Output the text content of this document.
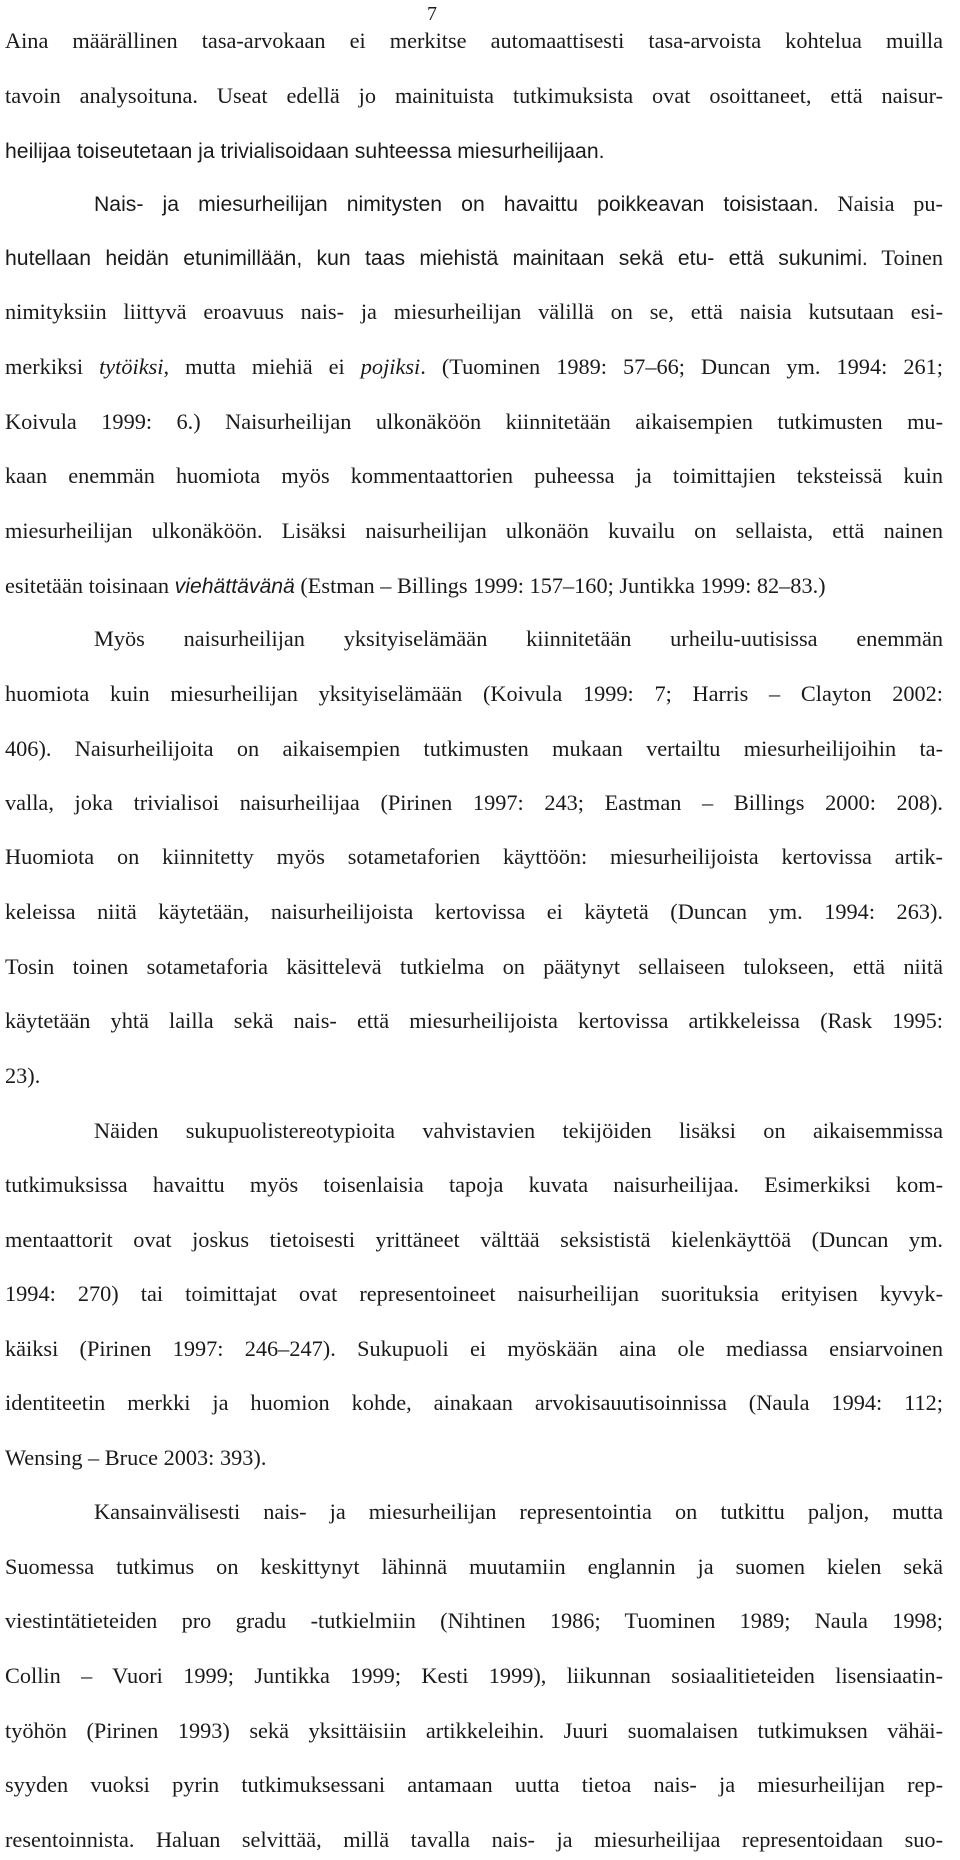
7
Aina määrällinen tasa-arvokaan ei merkitse automaattisesti tasa-arvoista kohtelua muilla
tavoin analysoituna. Useat edellä jo mainituista tutkimuksista ovat osoittaneet, että naisur-
heilijaa toiseutetaan ja trivialisoidaan suhteessa miesurheilijaan.
Nais- ja miesurheilijan nimitysten on havaittu poikkeavan toisistaan. Naisia pu-
hutellaan heidän etunimillään, kun taas miehistä mainitaan sekä etu- että sukunimi. Toinen
nimityksiin liittyvä eroavuus nais- ja miesurheilijan välillä on se, että naisia kutsutaan esi-
merkiksi tytöiksi, mutta miehiä ei pojiksi. (Tuominen 1989: 57–66; Duncan ym. 1994: 261;
Koivula 1999: 6.) Naisurheilijan ulkonäköön kiinnitetään aikaisempien tutkimusten mu-
kaan enemmän huomiota myös kommentaattorien puheessa ja toimittajien teksteissä kuin
miesurheilijan ulkonäköön. Lisäksi naisurheilijan ulkonäön kuvailu on sellaista, että nainen
esitetään toisinaan viehättävänä (Estman – Billings 1999: 157–160; Juntikka 1999: 82–83.)
Myös naisurheilijan yksityiselämään kiinnitetään urheilu-uutisissa enemmän
huomiota kuin miesurheilijan yksityiselämään (Koivula 1999: 7; Harris – Clayton 2002:
406). Naisurheilijoita on aikaisempien tutkimusten mukaan vertailtu miesurheilijoihin ta-
valla, joka trivialisoi naisurheilijaa (Pirinen 1997: 243; Eastman – Billings 2000: 208).
Huomiota on kiinnitetty myös sotametaforien käyttöön: miesurheilijoista kertovissa artik-
keleissa niitä käytetään, naisurheilijoista kertovissa ei käytetä (Duncan ym. 1994: 263).
Tosin toinen sotametaforia käsittelevä tutkielma on päätynyt sellaiseen tulokseen, että niitä
käytetään yhtä lailla sekä nais- että miesurheilijoista kertovissa artikkeleissa (Rask 1995:
23).
Näiden sukupuolistereotypioita vahvistavien tekijöiden lisäksi on aikaisemmissa
tutkimuksissa havaittu myös toisenlaisia tapoja kuvata naisurheilijaa. Esimerkiksi kom-
mentaattorit ovat joskus tietoisesti yrittäneet välttää seksististä kielenkäyttöä (Duncan ym.
1994: 270) tai toimittajat ovat representoineet naisurheilijan suorituksia erityisen kyvyk-
käiksi (Pirinen 1997: 246–247). Sukupuoli ei myöskään aina ole mediassa ensiarvoinen
identiteetin merkki ja huomion kohde, ainakaan arvokisauutisoinnissa (Naula 1994: 112;
Wensing – Bruce 2003: 393).
Kansainvälisesti nais- ja miesurheilijan representointia on tutkittu paljon, mutta
Suomessa tutkimus on keskittynyt lähinnä muutamiin englannin ja suomen kielen sekä
viestintätieteiden pro gradu -tutkielmiin (Nihtinen 1986; Tuominen 1989; Naula 1998;
Collin – Vuori 1999; Juntikka 1999; Kesti 1999), liikunnan sosiaalitieteiden lisensiaatin-
työhön (Pirinen 1993) sekä yksittäisiin artikkeleihin. Juuri suomalaisen tutkimuksen vähäi-
syyden vuoksi pyrin tutkimuksessani antamaan uutta tietoa nais- ja miesurheilijan rep-
resentoinnista. Haluan selvittää, millä tavalla nais- ja miesurheilijaa representoidaan suo-
